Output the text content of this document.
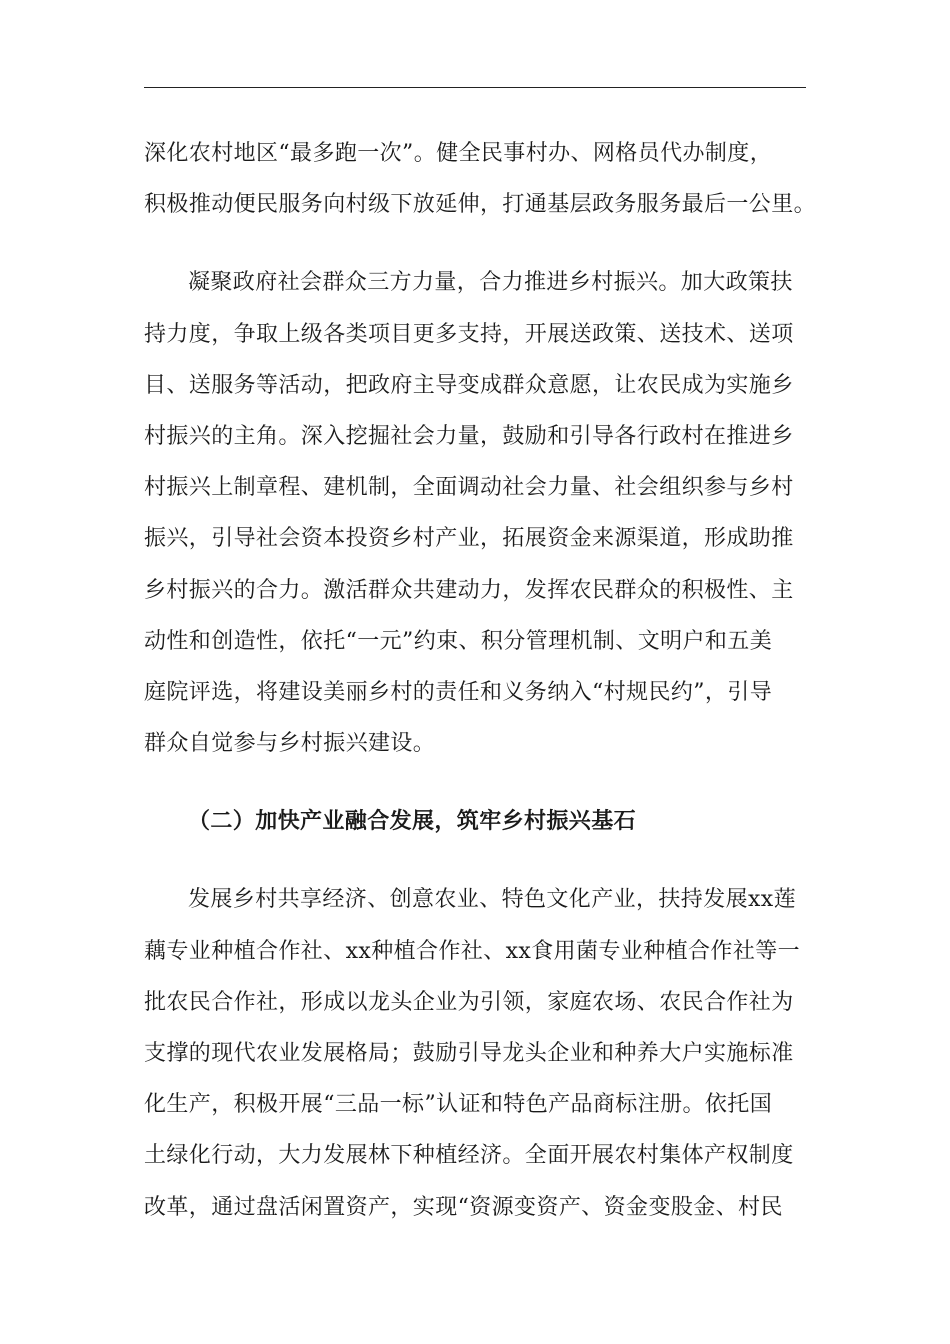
深化农村地区“最多跑一次”。健全民事村办、网格员代办制度，
积极推动便民服务向村级下放延伸，打通基层政务服务最后一公里。
凝聚政府社会群众三方力量，合力推进乡村振兴。加大政策扶
持力度，争取上级各类项目更多支持，开展送政策、送技术、送项
目、送服务等活动，把政府主导变成群众意愿，让农民成为实施乡
村振兴的主角。深入挖掘社会力量，鼓励和引导各行政村在推进乡
村振兴上制章程、建机制，全面调动社会力量、社会组织参与乡村
振兴，引导社会资本投资乡村产业，拓展资金来源渠道，形成助推
乡村振兴的合力。激活群众共建动力，发挥农民群众的积极性、主
动性和创造性，依托“一元”约束、积分管理机制、文明户和五美
庭院评选，将建设美丽乡村的责任和义务纳入“村规民约”，引导
群众自觉参与乡村振兴建设。

（二）加快产业融合发展，筑牢乡村振兴基石

发展乡村共享经济、创意农业、特色文化产业，扶持发展xx莲
藕专业种植合作社、xx种植合作社、xx食用菌专业种植合作社等一
批农民合作社，形成以龙头企业为引领，家庭农场、农民合作社为
支撑的现代农业发展格局；鼓励引导龙头企业和种养大户实施标准
化生产，积极开展“三品一标”认证和特色产品商标注册。依托国
土绿化行动，大力发展林下种植经济。全面开展农村集体产权制度
改革，通过盘活闲置资产，实现“资源变资产、资金变股金、村民
